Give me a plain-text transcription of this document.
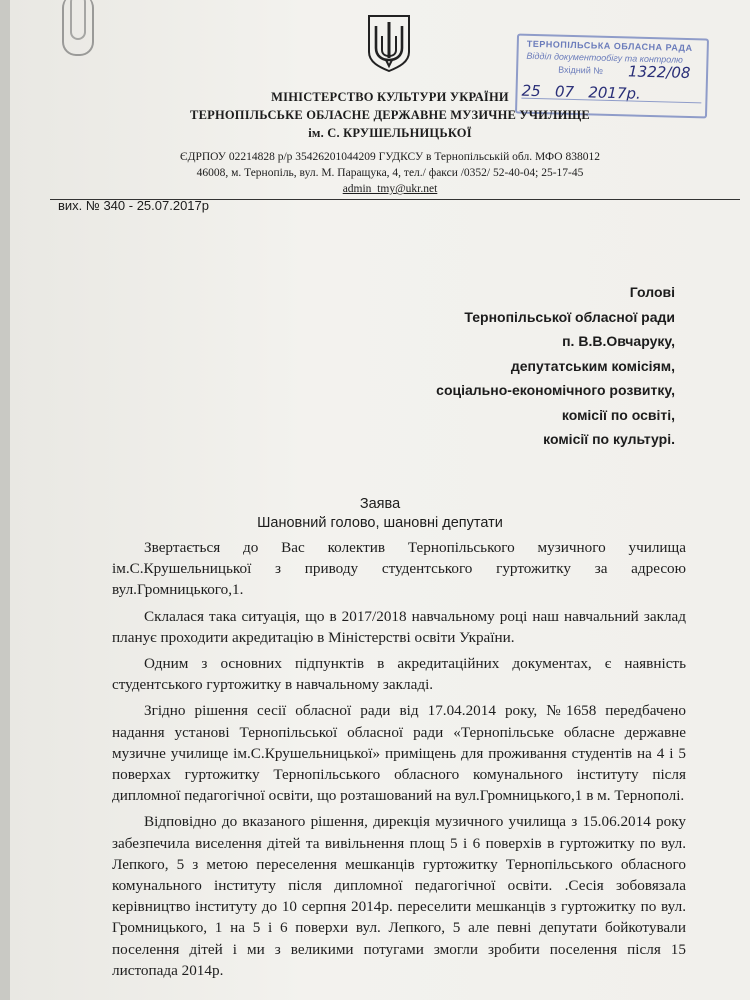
ТЕРНОПІЛЬСЬКА ОБЛАСНА РАДА
Відділ документообігу та контролю
Вхідний № 1322/08
25   07   2017р.
МІНІСТЕРСТВО КУЛЬТУРИ УКРАЇНИ
ТЕРНОПІЛЬСЬКЕ ОБЛАСНЕ ДЕРЖАВНЕ МУЗИЧНЕ УЧИЛИЩЕ
ім. С. КРУШЕЛЬНИЦЬКОЇ
ЄДРПОУ 02214828 р/р 35426201044209 ГУДКСУ в Тернопільській обл. МФО 838012
46008, м. Тернопіль, вул. М. Паращука, 4, тел./ факси /0352/ 52-40-04; 25-17-45
admin_tmy@ukr.net
вих. № 340 - 25.07.2017р
Голові
Тернопільської обласної ради
п. В.В.Овчаруку,
депутатським комісіям,
соціально-економічного розвитку,
комісії по освіті,
комісії по культурі.
Заява
Шановний голово, шановні депутати

Звертається до Вас колектив Тернопільського музичного училища ім.С.Крушельницької з приводу студентського гуртожитку за адресою вул.Громницького,1.

Склалася така ситуація, що в 2017/2018 навчальному році наш навчальний заклад планує проходити акредитацію в Міністерстві освіти України.

Одним з основних підпунктів в акредитаційних документах, є наявність студентського гуртожитку в навчальному закладі.

Згідно рішення сесії обласної ради від 17.04.2014 року, №1658 передбачено надання установі Тернопільської обласної ради «Тернопільське обласне державне музичне училище ім.С.Крушельницької» приміщень для проживання студентів на 4 і 5 поверхах гуртожитку Тернопільського обласного комунального інституту після дипломної педагогічної освіти, що розташований на вул.Громницького,1 в м. Тернополі.

Відповідно до вказаного рішення, дирекція музичного училища з 15.06.2014 року забезпечила виселення дітей та вивільнення площ 5 і 6 поверхів в гуртожитку по вул. Лепкого, 5 з метою переселення мешканців гуртожитку Тернопільського обласного комунального інституту після дипломної педагогічної освіти. .Сесія зобовязала керівництво інституту до 10 серпня 2014р. переселити мешканців з гуртожитку по вул. Громницького, 1 на 5 і 6 поверхи вул. Лепкого, 5 але певні депутати бойкотували поселення дітей і ми з великими потугами змогли зробити поселення після 15 листопада 2014р.
